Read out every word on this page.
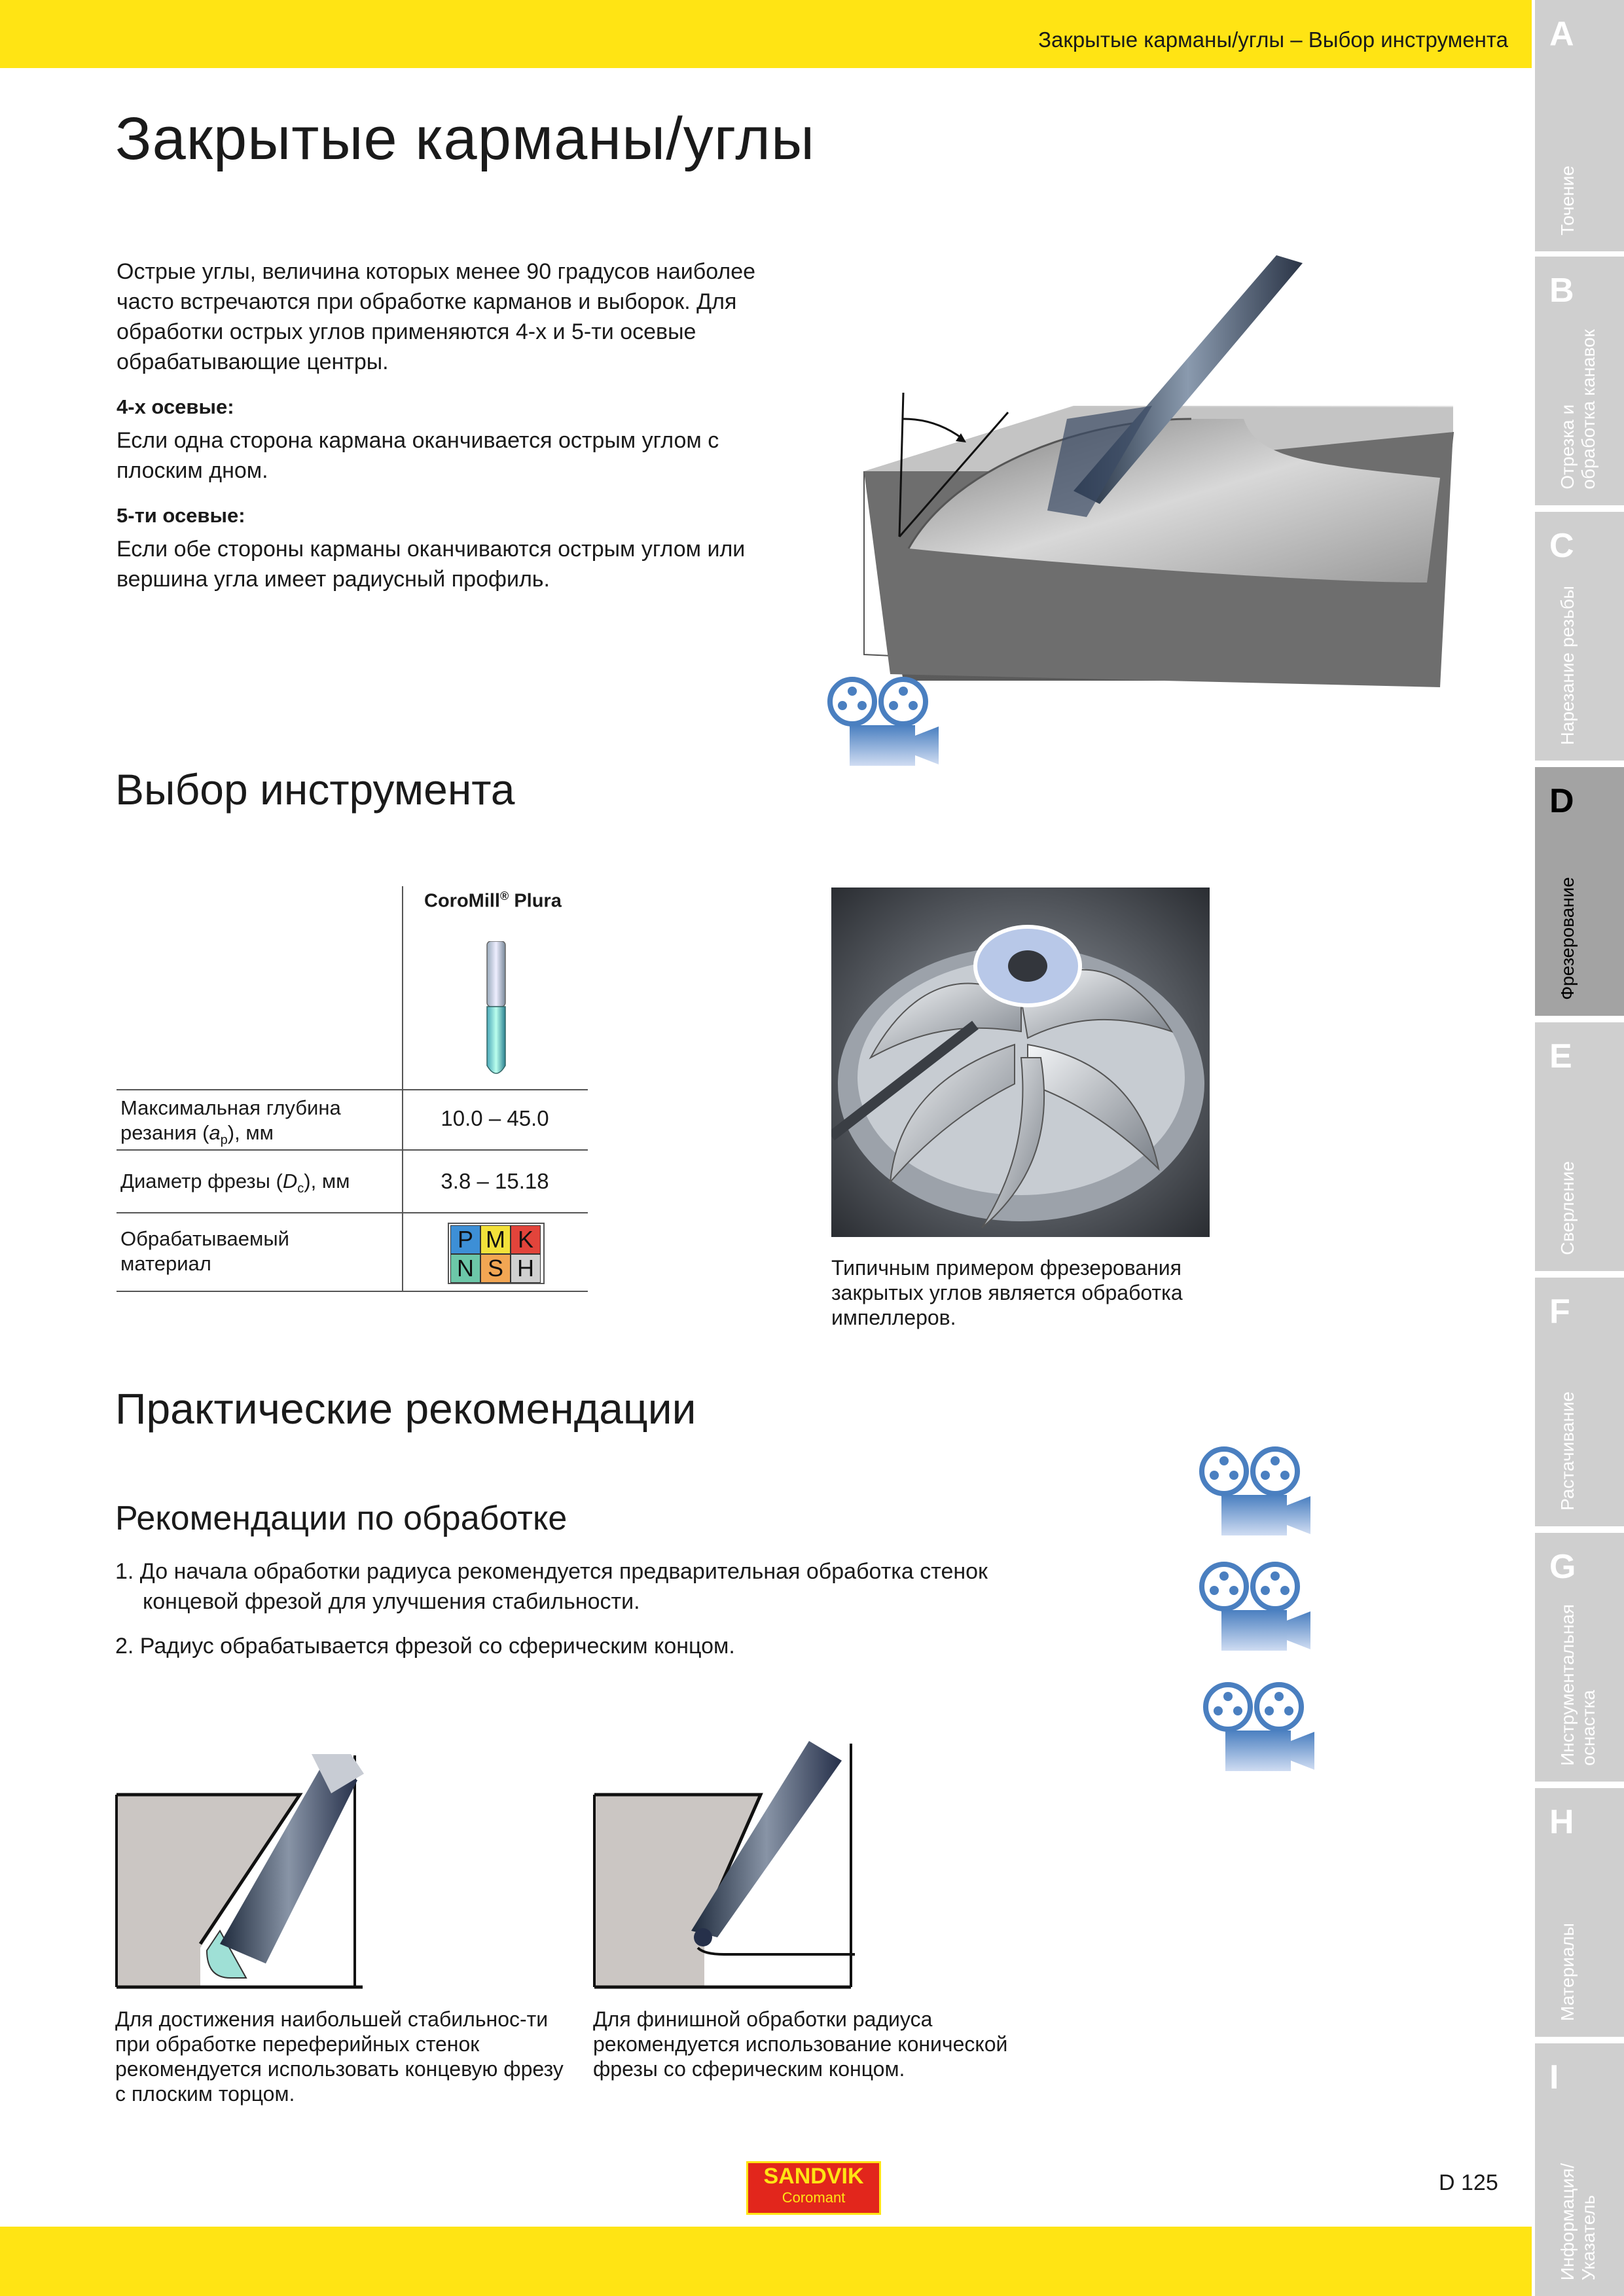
Закрытые карманы/углы – Выбор инструмента A
Точение
B
Отрезка и
обработка канавок
C
Нарезание резьбы
D
Фрезерование
E
Сверление
F
Растачивание
G
Инструментальная
оснастка
H
Материалы
I
Информация/
Указатель
Закрытые карманы/углы

Острые углы, величина которых менее 90 градусов наиболее часто встречаются при обработке карманов и выборок. Для обработки острых углов применяются 4-х и 5-ти осевые обрабатывающие центры.

4-х осевые:

Если одна сторона кармана оканчивается острым углом с плоским дном.

5-ти осевые:

Если обе стороны карманы оканчиваются острым углом или вершина угла имеет радиусный профиль.

Выбор инструмента
CoroMill® Plura
Максимальная глубина
резания $(a_p)$, мм
10.0 – 45.0
Диаметр фрезы $(D_c)$, мм	3.8 – 15.18
Обрабатываемый
материал
P M K
N S H	Типичным примером фрезерования закрытых углов является обработка импеллеров.
Практические рекомендации
Рекомендации по обработке

1. До начала обработки радиуса рекомендуется предварительная обработка стенок концевой фрезой для улучшения стабильности.

2. Радиус обрабатывается фрезой со сферическим концом.

Для достижения наибольшей стабильнос-ти при обработке переферийных стенок рекомендуется использовать концевую фрезу с плоским торцом.
Для финишной обработки радиуса рекомендуется использование конической фрезы со сферическим концом.
SANDVIK
Coromant
D 125
